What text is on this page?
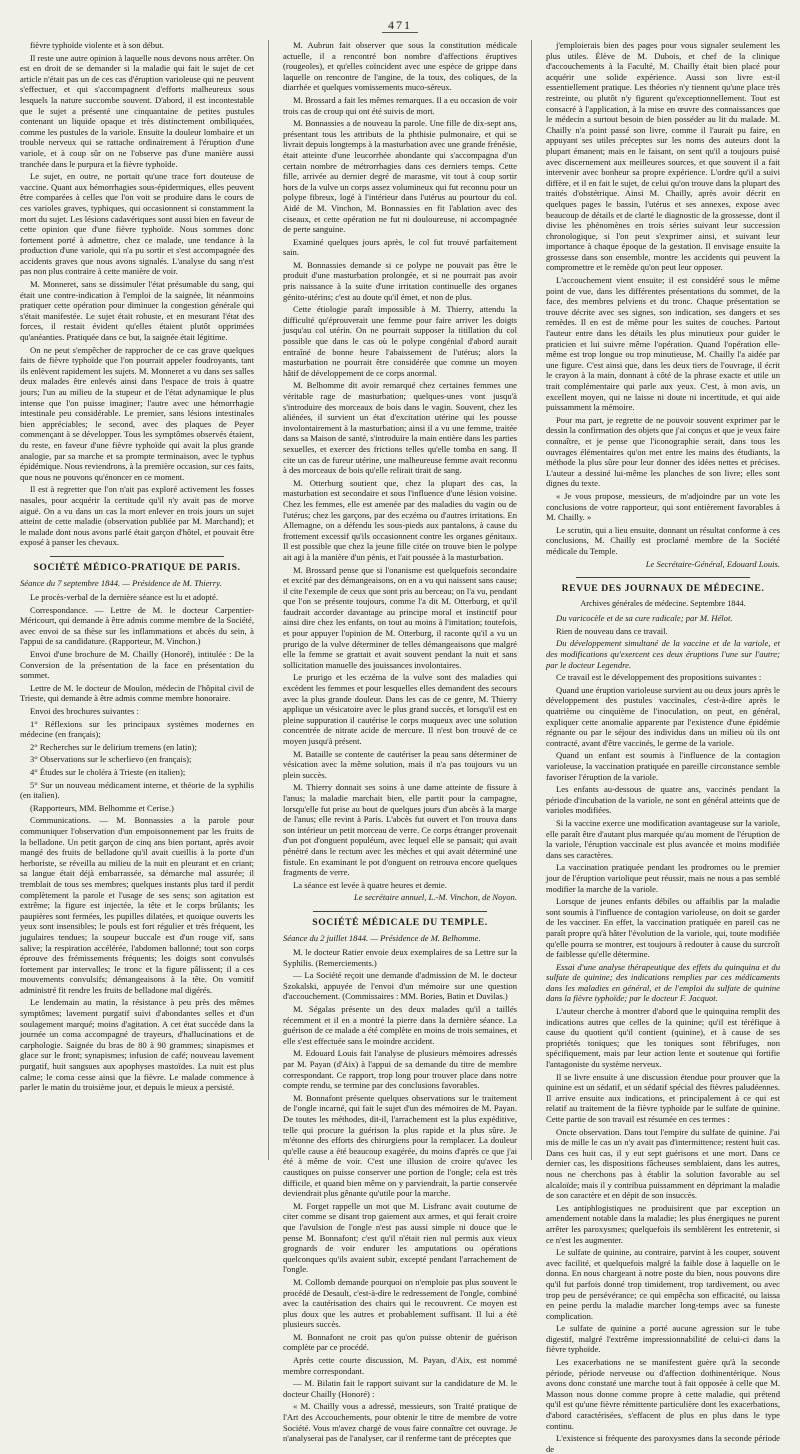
471

fièvre typhoïde violente et à son début.

Il reste une autre opinion à laquelle nous devons nous arrêter. On est en droit de se demander si la maladie qui fait le sujet de cet article n'était pas un de ces cas d'éruption varioleuse qui ne peuvent s'effectuer, et qui s'accompagnent d'efforts malheureux sous lesquels la nature succombe souvent. D'abord, il est incontestable que le sujet a présenté une cinquantaine de petites pustules contenant un liquide opaque et très distinctement ombiliquées, comme les pustules de la variole. Ensuite la douleur lombaire et un trouble nerveux qui se rattache ordinairement à l'éruption d'une variole, et à coup sûr on ne l'observe pas d'une manière aussi tranchée dans le purpura et la fièvre typhoïde.

Le sujet, en outre, ne portait qu'une trace fort douteuse de vaccine. Quant aux hémorrhagies sous-épidermiques, elles peuvent être comparées à celles que l'on voit se produire dans le cours de ces varioles graves, typhiques, qui occasionnent si constamment la mort du sujet. Les lésions cadavériques sont aussi bien en faveur de cette opinion que d'une fièvre typhoïde. Nous sommes donc fortement porté à admettre, chez ce malade, une tendance à la production d'une variole, qui n'a pu sortir et s'est accompagnée des accidents graves que nous avons signalés. L'analyse du sang n'est pas non plus contraire à cette manière de voir.

M. Monneret, sans se dissimuler l'état présumable du sang, qui était une contre-indication à l'emploi de la saignée, lit néanmoins pratiquer cette opération pour diminuer la congestion générale qui s'était manifestée. Le sujet était robuste, et en mesurant l'état des forces, il restait évident qu'elles étaient plutôt opprimées qu'anéanties. Pratiquée dans ce but, la saignée était légitime.

On ne peut s'empêcher de rapprocher de ce cas grave quelques faits de fièvre typhoïde que l'on pourrait appeler foudroyants, tant ils enlèvent rapidement les sujets. M. Monneret a vu dans ses salles deux malades être enlevés ainsi dans l'espace de trois à quatre jours; l'un au milieu de la stupeur et de l'état adynamique le plus intense que l'on puisse imaginer; l'autre avec une hémorrhagie intestinale peu considérable. Le premier, sans lésions intestinales bien appréciables; le second, avec des plaques de Peyer commençant à se développer. Tous les symptômes observés étaient, du reste, en faveur d'une fièvre typhoïde qui avait la plus grande analogie, par sa marche et sa prompte terminaison, avec le typhus épidémique. Nous reviendrons, à la première occasion, sur ces faits, que nous ne pouvons qu'énoncer en ce moment.

Il est à regretter que l'on n'ait pas exploré activement les fosses nasales, pour acquérir la certitude qu'il n'y avait pas de morve aiguë. On a vu dans un cas la mort enlever en trois jours un sujet atteint de cette maladie (observation publiée par M. Marchand); et le malade dont nous avons parlé était garçon d'hôtel, et pouvait être exposé à panser les chevaux.

SOCIÉTÉ MÉDICO-PRATIQUE DE PARIS.
Séance du 7 septembre 1844. — Présidence de M. Thierry.

Le procès-verbal de la dernière séance est lu et adopté.

Correspondance. — Lettre de M. le docteur Carpentier-Méricourt, qui demande à être admis comme membre de la Société, avec envoi de sa thèse sur les inflammations et abcès du sein, à l'appui de sa candidature. (Rapporteur, M. Vinchon.)

Envoi d'une brochure de M. Chailly (Honoré), intitulée : De la Conversion de la présentation de la face en présentation du sommet.

Lettre de M. le docteur de Moulon, médecin de l'hôpital civil de Trieste, qui demande à être admis comme membre honoraire.

Envoi des brochures suivantes :

1° Réflexions sur les principaux systèmes modernes en médecine (en français);

2° Recherches sur le delirium tremens (en latin);

3° Observations sur le scherlievo (en français);

4° Études sur le choléra à Trieste (en italien);

5° Sur un nouveau médicament interne, et théorie de la syphilis (en italien).

(Rapporteurs, MM. Belhomme et Cerise.)

Communications. — M. Bonnassies a la parole pour communiquer l'observation d'un empoisonnement par les fruits de la belladone. Un petit garçon de cinq ans bien portant, après avoir mangé des fruits de belladone qu'il avait cueillis à la porte d'un herboriste, se réveilla au milieu de la nuit en pleurant et en criant; sa langue était déjà embarrassée, sa démarche mal assurée; il tremblait de tous ses membres; quelques instants plus tard il perdit complètement la parole et l'usage de ses sens; son agitation est extrême; la figure est injectée, la tête et le corps brûlants; les paupières sont fermées, les pupilles dilatées, et quoique ouverts les yeux sont insensibles; le pouls est fort régulier et très fréquent, les jugulaires tendues; la soupeur buccale est d'un rouge vif, sans salive; la respiration accélérée, l'abdomen ballonné; tout son corps éprouve des frémissements fréquents; les doigts sont convulsés fortement par intervalles; le tronc et la figure pâlissent; il a ces mouvements convulsifs; démangeaisons à la tête. On vomitif administré fit rendre les fruits de belladone mal digérés.

Le lendemain au matin, la résistance à peu près des mêmes symptômes; lavement purgatif suivi d'abondantes selles et d'un soulagement marqué; moins d'agitation. A cet état succède dans la journée un coma accompagné de trayeurs, d'hallucinations et de carphologie. Saignée du bras de 80 à 90 grammes; sinapismes et glace sur le front; synapismes; infusion de café; nouveau lavement purgatif, huit sangsues aux apophyses mastoïdes. La nuit est plus calme; le coma cesse ainsi que la fièvre. Le malade commence à parler le matin du troisième jour, et depuis le mieux a persisté.

M. Aubrun fait observer que sous la constitution médicale actuelle, il a rencontré bon nombre d'affections éruptives (rougeoles), et qu'elles coïncident avec une espèce de grippe dans laquelle on rencontre de l'angine, de la toux, des coliques, de la diarrhée et quelques vomissements muco-séreux.

M. Brossard a fait les mêmes remarques. Il a eu occasion de voir trois cas de croup qui ont été suivis de mort.

M. Bonnassies a de nouveau la parole. Une fille de dix-sept ans, présentant tous les attributs de la phthisie pulmonaire, et qui se livrait depuis longtemps à la masturbation avec une grande frénésie, était atteinte d'une leucorrhée abondante qui s'accompagna d'un certain nombre de métrorrhagies dans ces derniers temps. Cette fille, arrivée au dernier degré de marasme, vit tout à coup sortir hors de la vulve un corps assez volumineux qui fut reconnu pour un polype fibreux, logé à l'intérieur dans l'utérus au pourtour du col. Aidé de M. Vinchon, M. Bonnassies en fit l'ablation avec des ciseaux, et cette opération ne fut ni douloureuse, ni accompagnée de perte sanguine.

Examiné quelques jours après, le col fut trouvé parfaitement sain.

M. Bonnassies demande si ce polype ne pouvait pas être le produit d'une masturbation prolongée, et si ne pourrait pas avoir pris naissance à la suite d'une irritation continuelle des organes génito-utérins; c'est au doute qu'il émet, et non de plus.

Cette étiologie paraît impossible à M. Thierry, attendu la difficulté qu'éprouverait une femme pour faire arriver les doigts jusqu'au col utérin. On ne pourrait supposer la titillation du col possible que dans le cas où le polype congénial d'abord aurait entraîné de bonne heure l'abaissement de l'utérus; alors la masturbation ne pourrait être considérée que comme un moyen hâtif de développement de ce corps anormal.

M. Belhomme dit avoir remarqué chez certaines femmes une véritable rage de masturbation; quelques-unes vont jusqu'à s'introduire des morceaux de bois dans le vagin. Souvent, chez les aliénées, il survient un état d'excitation utérine qui les pousse involontairement à la masturbation; ainsi il a vu une femme, traitée dans sa Maison de santé, s'introduire la main entière dans les parties sexuelles, et exercer des frictions telles qu'elle tomba en sang. Il cite un cas de fureur utérine, une malheureuse femme avait reconnu à des morceaux de bois qu'elle relirait tirait de sang.

M. Otterburg soutient que, chez la plupart des cas, la masturbation est secondaire et sous l'influence d'une lésion voisine. Chez les femmes, elle est amenée par des maladies du vagin ou de l'utérus; chez les garçons, par des eczéma ou d'autres irritations. En Allemagne, on a défendu les sous-pieds aux pantalons, à cause du frottement excessif qu'ils occasionnent contre les organes génitaux. Il est possible que chez la jeune fille citée on trouve bien le polype ait agi à la manière d'un pénis, et l'ait poussée à la masturbation.

M. Brossard pense que si l'onanisme est quelquefois secondaire et excité par des démangeaisons, on en a vu qui naissent sans cause; il cite l'exemple de ceux que sont pris au berceau; on l'a vu, pendant que l'on se présente toujours, comme l'a dit M. Otterburg, et qu'il faudrait accorder davantage au principe moral et instinctif pour ainsi dire chez les enfants, on tout au moins à l'imitation; toutefois, et pour appuyer l'opinion de M. Otterburg, il raconte qu'il a vu un prurigo de la vulve déterminer de telles démangeaisons que malgré elle la femme se grattait et avait souvent pendant la nuit et sans sollicitation manuelle des jouissances involontaires.

Le prurigo et les eczéma de la vulve sont des maladies qui excèdent les femmes et pour lesquelles elles demandent des secours avec la plus grande douleur. Dans les cas de ce genre, M. Thierry applique un vésicatoire avec le plus grand succès, et lorsqu'il est en pleine suppuration il cautérise le corps muqueux avec une solution concentrée de nitrate acide de mercure. Il n'est bon trouvé de ce moyen jusqu'à présent.

M. Bataille se contente de cautériser la peau sans déterminer de vésication avec la même solution, mais il n'a pas toujours vu un plein succès.

M. Thierry donnait ses soins à une dame atteinte de fissure à l'anus; la maladie marchait bien, elle partit pour la campagne, lorsqu'elle fut prise au bout de quelques jours d'un abcès à la marge de l'anus; elle revint à Paris. L'abcès fut ouvert et l'on trouva dans son intérieur un petit morceau de verre. Ce corps étranger provenait d'un pot d'onguent populéum, avec lequel elle se pansait; qui avait pénétré dans le rectum avec les mèches et qui avait déterminé une fistule. En examinant le pot d'onguent on retrouva encore quelques fragments de verre.

La séance est levée à quatre heures et demie.

Le secrétaire annuel, L.-M. Vinchon, de Noyon.
SOCIÉTÉ MÉDICALE DU TEMPLE.
Séance du 2 juillet 1844. — Présidence de M. Belhomme.

M. le docteur Ratier envoie deux exemplaires de sa Lettre sur la Syphilis. (Remerciements.)

— La Société reçoit une demande d'admission de M. le docteur Szokalski, appuyée de l'envoi d'un mémoire sur une question d'accouchement. (Commissaires : MM. Bories, Batin et Duvilas.)

M. Ségalas présente un des deux malades qu'il a taillés récemment et il en a montré la pierre dans la dernière séance. La guérison de ce malade a été complète en moins de trois semaines, et elle s'est effectuée sans le moindre accident.

M. Edouard Louis fait l'analyse de plusieurs mémoires adressés par M. Payan (d'Aix) à l'appui de sa demande du titre de membre correspondant. Ce rapport, trop long pour trouver place dans notre compte rendu, se termine par des conclusions favorables.

M. Bonnafont présente quelques observations sur le traitement de l'ongle incarné, qui fait le sujet d'un des mémoires de M. Payan. De toutes les méthodes, dit-il, l'arrachement est la plus expéditive, telle qui procure la guérison la plus rapide et la plus sûre. Je m'étonne des efforts des chirurgiens pour la remplacer. La douleur qu'elle cause a été beaucoup exagérée, du moins d'après ce que j'ai été à même de voir. C'est une illusion de croire qu'avec les caustiques on puisse conserver une portion de l'ongle; cela est très difficile, et quand bien même on y parviendrait, la partie conservée deviendrait plus gênante qu'utile pour la marche.

M. Forget rappelle un mot que M. Lisfranc avait coutume de citer comme se disant trop gaiement aux armes, et qui ferait croire que l'avulsion de l'ongle n'est pas aussi simple ni douce que le pense M. Bonnafont; c'est qu'il n'était rien nul permis aux vieux grognards de voir endurer les amputations ou opérations quelconques qu'ils avaient subir, excepté pendant l'arrachement de l'ongle.

M. Collomb demande pourquoi on n'emploie pas plus souvent le procédé de Desault, c'est-à-dire le redressement de l'ongle, combiné avec la cautérisation des chairs qui le recouvrent. Ce moyen est plus doux que les autres et probablement suffisant. Il lui a été plusieurs succès.

M. Bonnafont ne croit pas qu'on puisse obtenir de guérison complète par ce procédé.

Après cette courte discussion, M. Payan, d'Aix, est nommé membre correspondant.

— M. Bilatin fait le rapport suivant sur la candidature de M. le docteur Chailly (Honoré) :

« M. Chailly vous a adressé, messieurs, son Traité pratique de l'Art des Accouchements, pour obtenir le titre de membre de votre Société. Vous m'avez chargé de vous faire connaître cet ouvrage. Je n'analyserai pas de l'analyser, car il renferme tant de préceptes que

j'emploierais bien des pages pour vous signaler seulement les plus utiles. Élève de M. Dubois, et chef de la clinique d'accouchements à la Faculté, M. Chailly était bien placé pour acquérir une solide expérience. Aussi son livre est-il essentiellement pratique. Les théories n'y tiennent qu'une place très restreinte, ou plutôt n'y figurent qu'exceptionnellement. Tout est consacré à l'application, à la mise en œuvre des connaissances que le médecin a surtout besoin de bien posséder au lit du malade. M. Chailly n'a point passé son livre, comme il l'aurait pu faire, en appuyant ses utiles préceptes sur les noms des auteurs dont la plupart émanent; mais en le faisant, on sent qu'il a toujours puisé avec discernement aux meilleures sources, et que souvent il a fait intervenir avec bonheur sa propre expérience. L'ordre qu'il a suivi diffère, et il en fait le sujet, de celui qu'on trouve dans la plupart des traités d'obstétrique. Ainsi M. Chailly, après avoir décrit en quelques pages le bassin, l'utérus et ses annexes, expose avec beaucoup de détails et de clarté le diagnostic de la grossesse, dont il divise les phénomènes en trois séries suivant leur succession chronologique, si l'on peut s'exprimer ainsi, et suivant leur importance à chaque époque de la gestation. Il envisage ensuite la grossesse dans son ensemble, montre les accidents qui peuvent la compromettre et le remède qu'on peut leur opposer.

L'accouchement vient ensuite; il est considéré sous le même point de vue, dans les différentes présentations du sommet, de la face, des membres pelviens et du tronc. Chaque présentation se trouve décrite avec ses signes, son indication, ses dangers et ses remèdes. Il en est de même pour les suites de couches. Partout l'auteur entre dans les détails les plus minutieux pour guider le praticien et lui suivre même l'opération. Quand l'opération elle-même est trop longue ou trop minutieuse, M. Chailly l'a aidée par une figure. C'est ainsi que, dans les deux tiers de l'ouvrage, il écrit le crayon à la main, donnant à côté de la phrase exacte et utile un trait complémentaire qui parle aux yeux. C'est, à mon avis, un excellent moyen, qui ne laisse ni doute ni incertitude, et qui aide puissamment la mémoire.

Pour ma part, je regrette de ne pouvoir souvent exprimer par le dessin la confirmation des objets que j'ai conçus et que je veux faire connaître, et je pense que l'iconographie serait, dans tous les ouvrages élémentaires qu'on met entre les mains des étudiants, la méthode la plus sûre pour leur donner des idées nettes et précises. L'auteur a dessiné lui-même les planches de son livre; elles sont dignes du texte.

« Je vous propose, messieurs, de m'adjoindre par un vote les conclusions de votre rapporteur, qui sont entièrement favorables à M. Chailly. »

Le scrutin, qui a lieu ensuite, donnant un résultat conforme à ces conclusions, M. Chailly est proclamé membre de la Société médicale du Temple.

Le Secrétaire-Général, Edouard Louis.
REVUE DES JOURNAUX DE MÉDECINE.
Archives générales de médecine. Septembre 1844.

Du varicocèle et de sa cure radicale; par M. Hélot.

Rien de nouveau dans ce travail.

Du développement simultané de la vaccine et de la variole, et des modifications qu'exercent ces deux éruptions l'une sur l'autre; par le docteur Legendre.

Ce travail est le développement des propositions suivantes :

Quand une éruption varioleuse survient au ou deux jours après le développement des pustules vaccinales, c'est-à-dire après le quatrième ou cinquième de l'inoculation, on peut, en général, expliquer cette anomalie apparente par l'existence d'une épidémie régnante ou par le séjour des individus dans un milieu où ils ont contracté, avant d'être vaccinés, le germe de la variole.

Quand un enfant est soumis à l'influence de la contagion varioleuse, la vaccination pratiquée en pareille circonstance semble favoriser l'éruption de la variole.

Les enfants au-dessous de quatre ans, vaccinés pendant la période d'incubation de la variole, ne sont en général atteints que de varioles modifiées.

Si la vaccine exerce une modification avantageuse sur la variole, elle paraît être d'autant plus marquée qu'au moment de l'éruption de la variole, l'éruption vaccinale est plus avancée et moins modifiée dans ses caractères.

La vaccination pratiquée pendant les prodromes ou le premier jour de l'éruption variolique peut réussir, mais ne nous a pas semblé modifier la marche de la variole.

Lorsque de jeunes enfants débiles ou affaiblis par la maladie sont soumis à l'influence de contagion varioleuse, on doit se garder de les vacciner. En effet, la vaccination pratiquée en pareil cas ne paraît propre qu'à hâter l'évolution de la variole, qui, toute modifiée qu'elle pourra se montrer, est toujours à redouter à cause du surcroît de faiblesse qu'elle détermine.

Essai d'une analyse thérapeutique des effets du quinquina et du sulfate de quinine; des indications remplies par ces médicaments dans les maladies en général, et de l'emploi du sulfate de quinine dans la fièvre typhoïde; par le docteur F. Jacquot.

L'auteur cherche à montrer d'abord que le quinquina remplit des indications autres que celles de la quinine; qu'il est téréfique à cause du quotient qu'il contient (quinine), et à cause de ses propriétés toniques; que les toniques sont fébrifuges, non spécifiquement, mais par leur action lente et soutenue qui fortifie l'antagoniste du système nerveux.

Il se livre ensuite à une discussion étendue pour prouver que la quinine est un sédatif, et un sédatif spécial des fièvres paludéennes. Il arrive ensuite aux indications, et principalement à ce qui est relatif au traitement de la fièvre typhoïde par le sulfate de quinine. Cette partie de son travail est résumée en ces termes :

Oncte observation. Dans tout l'empire du sulfate de quinine. J'ai mis de mille le cas un n'y avait pas d'intermittence; restent huit cas. Dans ces huit cas, il y eut sept guérisons et une mort. Dans ce dernier cas, les dispositions fâcheuses semblaient, dans les autres, nous ne cherchons pas à établir la solution favorable au sel alcaloïde; mais il y contribua puissamment en déprimant la maladie de son caractère et en dépit de son insuccès.

Les antiphlogistiques ne produisirent que par exception un amendement notable dans la maladie; les plus énergiques ne purent arrêter les paroxysmes; quelquefois ils semblèrent les entretenir, si ce n'est les augmenter.

Le sulfate de quinine, au contraire, parvint à les couper, souvent avec facilité, et quelquefois malgré la faible dose à laquelle on le donna. En nous chargeant à notre poste du bien, nous pouvons dire qu'il fut parfois donné trop timidement, trop tardivement, ou avec trop peu de persévérance; ce qui empêcha son efficacité, ou laissa en peine perdu la maladie marcher long-temps avec sa funeste complication.

Le sulfate de quinine a porté aucune agression sur le tube digestif, malgré l'extrême impressionnabilité de celui-ci dans la fièvre typhoïde.

Les exacerbations ne se manifestent guère qu'à la seconde période, période nerveuse ou d'affection dothinentérique. Nous avons donc constaté une marche tout à fait opposée à celle que M. Masson nous donne comme propre à cette maladie, qui prétend qu'il est qu'une fièvre rémittente particulière dont les exacerbations, d'abord caractérisées, s'effacent de plus en plus dans le type continu.

L'existence si fréquente des paroxysmes dans la seconde période de
